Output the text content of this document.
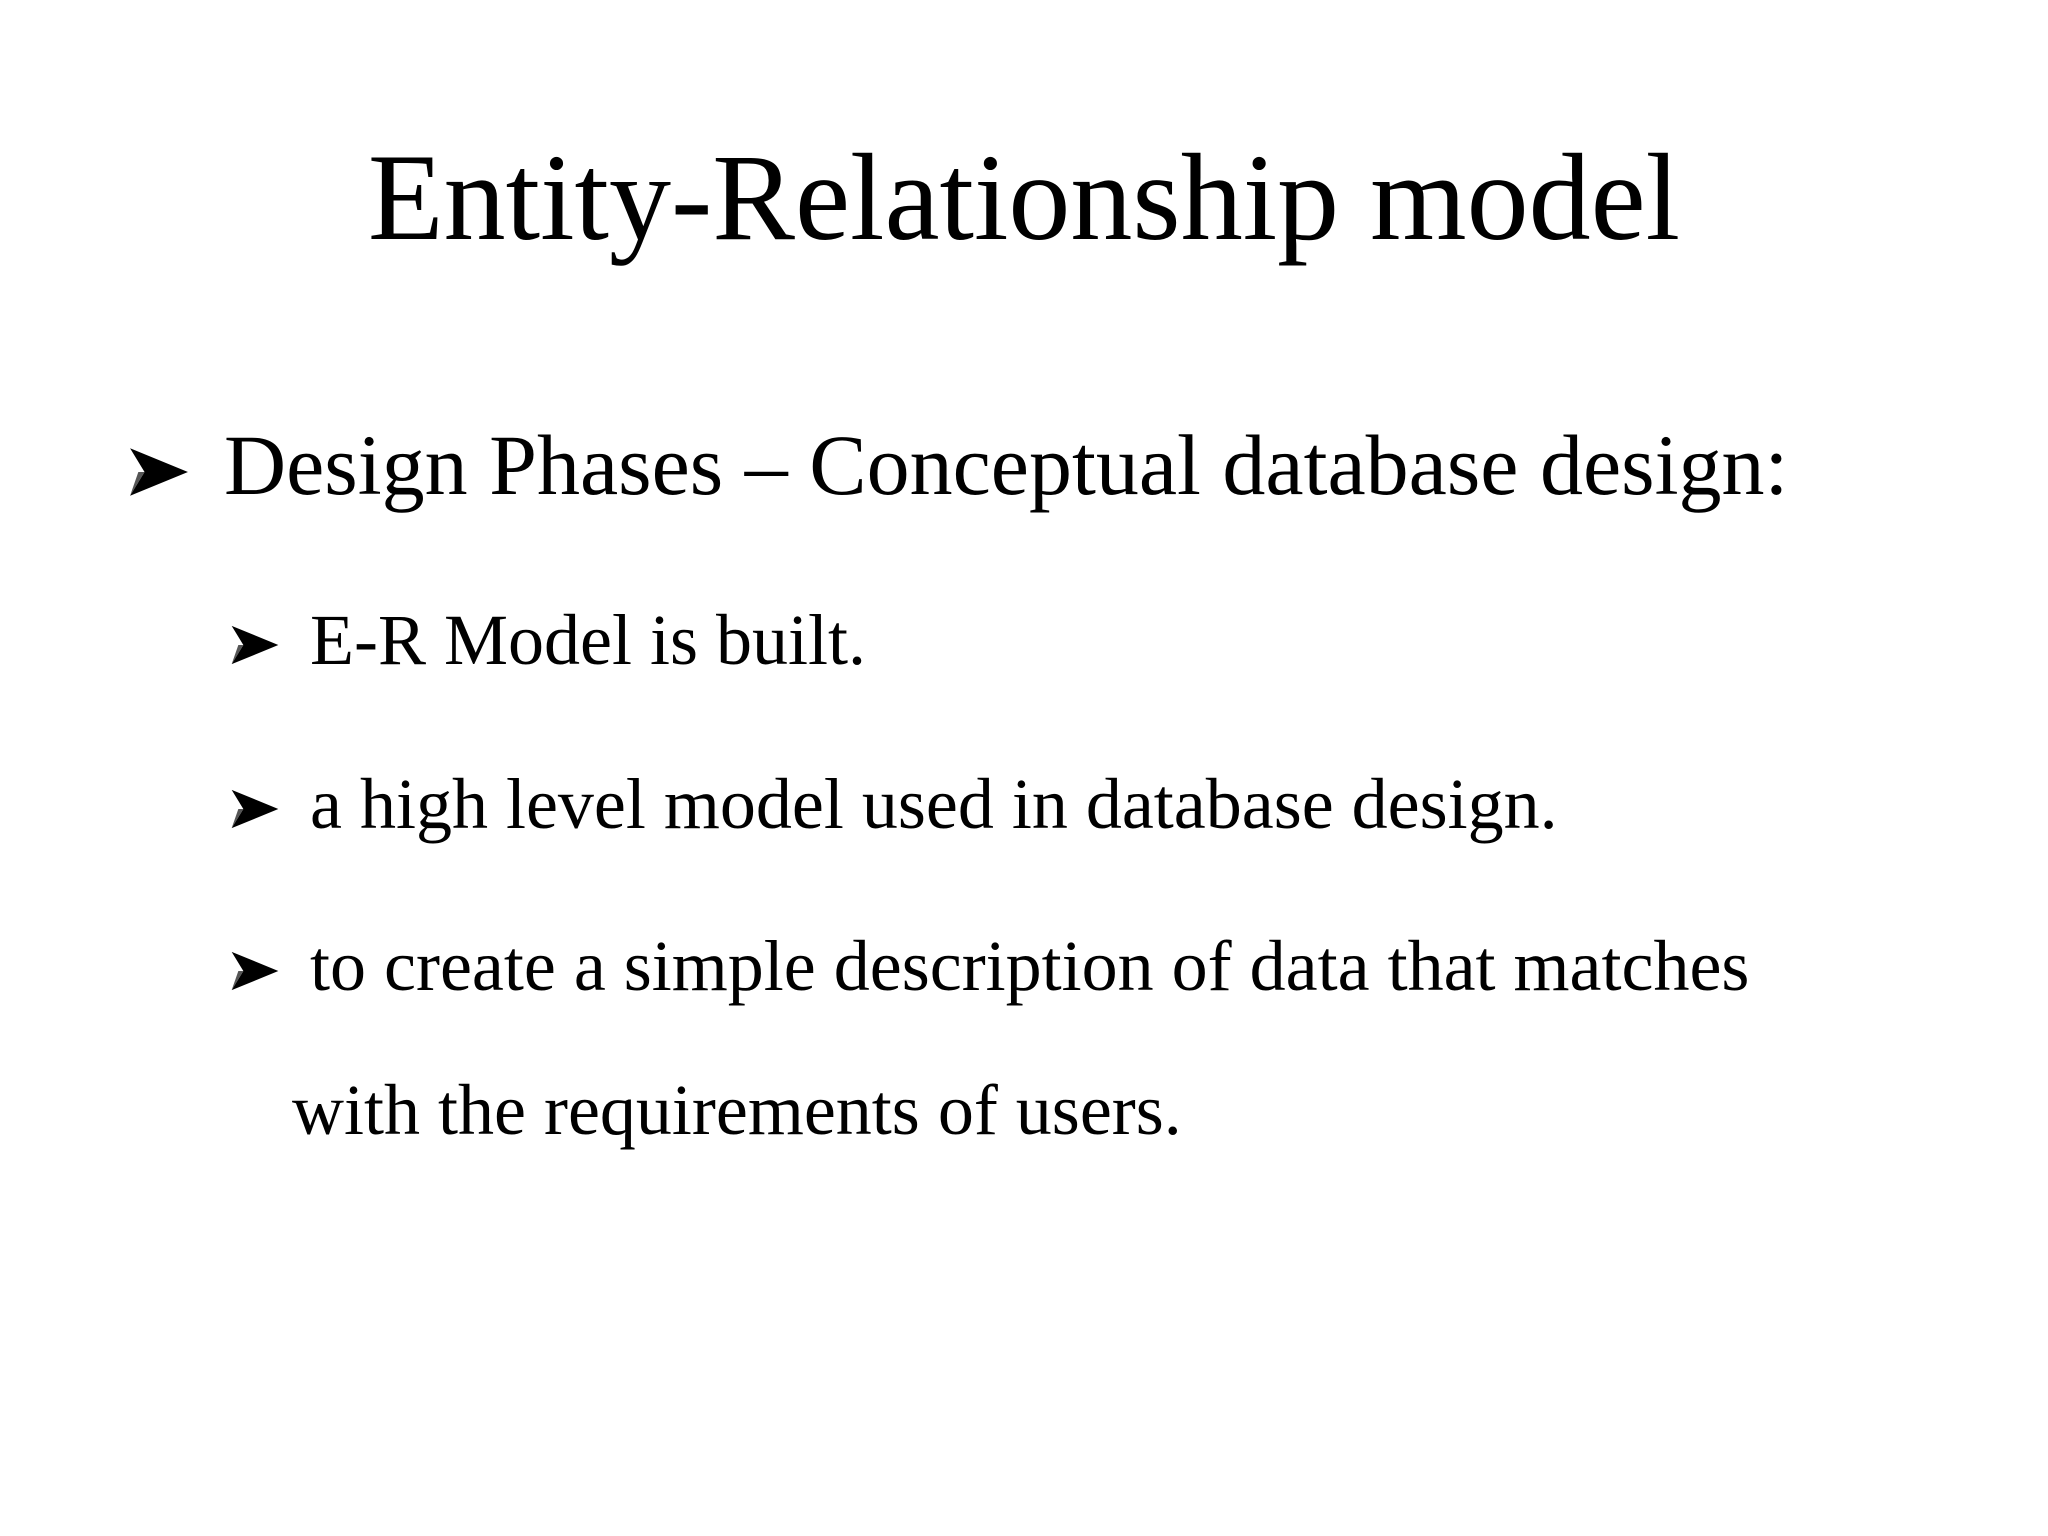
Entity-Relationship model
Design Phases – Conceptual database design:
E-R Model is built.
a high level model used in database design.
to create a simple description of data that matches
with the requirements of users.
